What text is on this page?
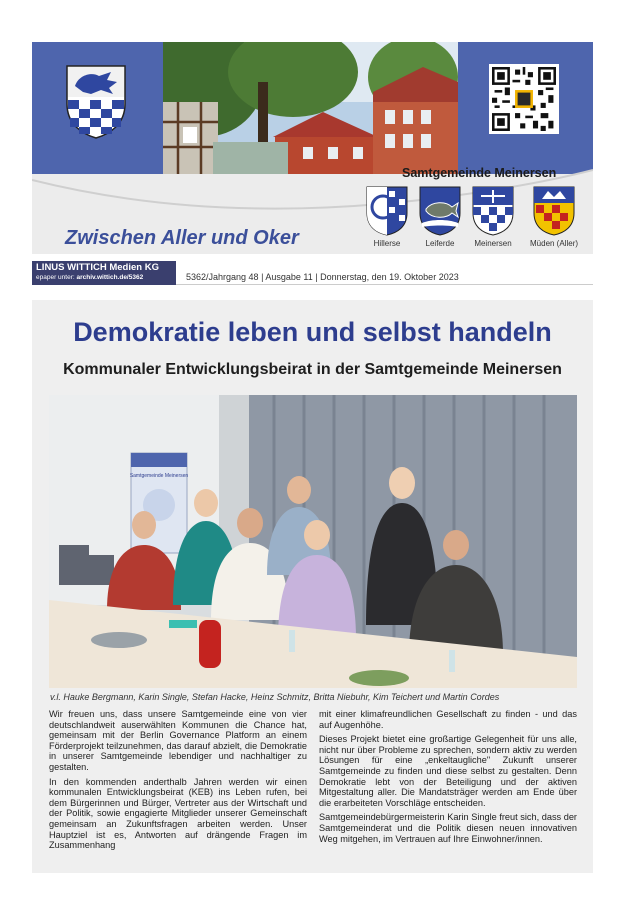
Samtgemeinde Meinersen
Hillerse	Leiferde	Meinersen	Müden (Aller)
Zwischen Aller und Oker
LINUS WITTICH Medien KG
epaper unter: archiv.wittich.de/5362	5362/Jahrgang 48 | Ausgabe 11 | Donnerstag, den 19. Oktober 2023
Demokratie leben und selbst handeln
Kommunaler Entwicklungsbeirat in der Samtgemeinde Meinersen
Samtgemeinde Meinersen
v.l. Hauke Bergmann, Karin Single, Stefan Hacke, Heinz Schmitz, Britta Niebuhr, Kim Teichert und Martin Cordes

Wir freuen uns, dass unsere Samtgemeinde eine von vier deutschlandweit auserwählten Kommunen die Chance hat, gemeinsam mit der Berlin Governance Platform an einem Förderprojekt teilzunehmen, das darauf abzielt, die Demokratie in unserer Samtgemeinde lebendiger und nachhaltiger zu gestalten.

In den kommenden anderthalb Jahren werden wir einen kommunalen Entwicklungsbeirat (KEB) ins Leben rufen, bei dem Bürgerinnen und Bürger, Vertreter aus der Wirtschaft und der Politik, sowie engagierte Mitglieder unserer Gemeinschaft gemeinsam an Zukunftsfragen arbeiten werden. Unser Hauptziel ist es, Antworten auf drängende Fragen im Zusammenhang

mit einer klimafreundlichen Gesellschaft zu finden - und das auf Augenhöhe.

Dieses Projekt bietet eine großartige Gelegenheit für uns alle, nicht nur über Probleme zu sprechen, sondern aktiv zu werden Lösungen für eine „enkeltaugliche" Zukunft unserer Samtgemeinde zu finden und diese selbst zu gestalten. Denn Demokratie lebt von der Beteiligung und der aktiven Mitgestaltung aller. Die Mandatsträger werden am Ende über die erarbeiteten Vorschläge entscheiden.

Samtgemeindebürgermeisterin Karin Single freut sich, dass der Samtgemeinderat und die Politik diesen neuen innovativen Weg mitgehen, im Vertrauen auf Ihre Einwohner/innen.
